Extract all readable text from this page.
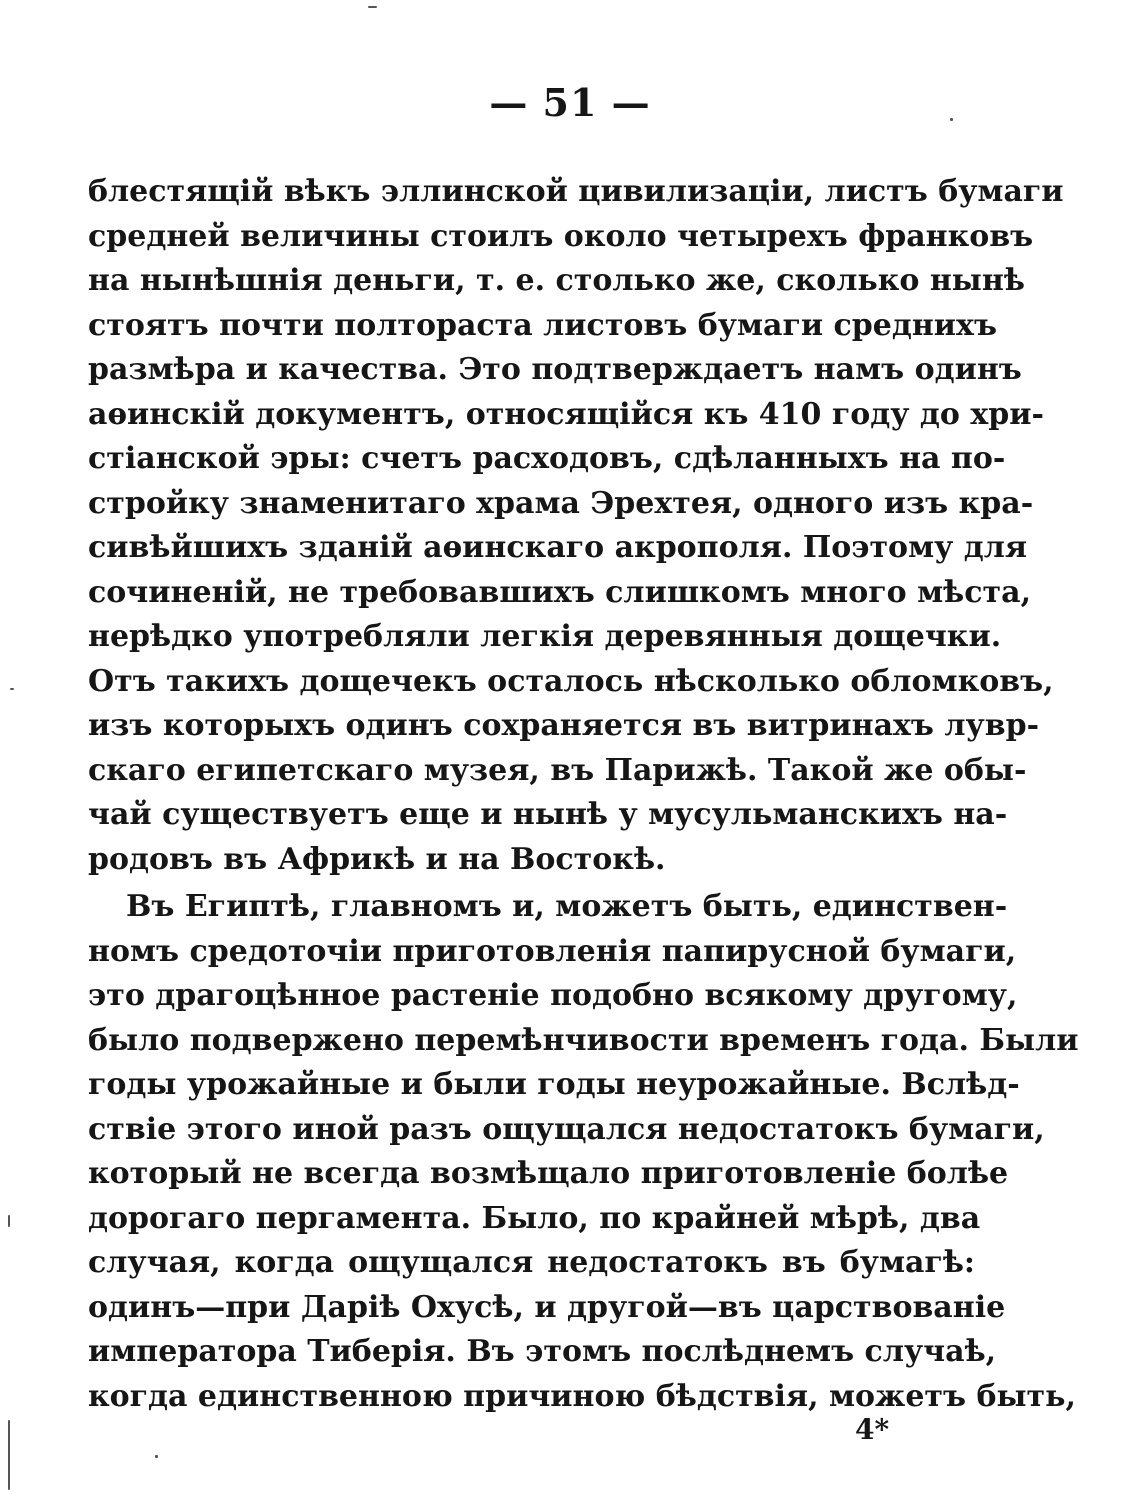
— 51 —
блестящій вѣкъ эллинской цивилизаціи, листъ бумаги
средней величины стоилъ около четырехъ франковъ
на нынѣшнія деньги, т. е. столько же, сколько нынѣ
стоятъ почти полтораста листовъ бумаги среднихъ
размѣра и качества. Это подтверждаетъ намъ одинъ
аѳинскій документъ, относящійся къ 410 году до хри-
стіанской эры: счетъ расходовъ, сдѣланныхъ на по-
стройку знаменитаго храма Эрехтея, одного изъ кра-
сивѣйшихъ зданій аѳинскаго акрополя. Поэтому для
сочиненій, не требовавшихъ слишкомъ много мѣста,
нерѣдко употребляли легкія деревянныя дощечки.
Отъ такихъ дощечекъ осталось нѣсколько обломковъ,
изъ которыхъ одинъ сохраняется въ витринахъ лувр-
скаго египетскаго музея, въ Парижѣ. Такой же обы-
чай существуетъ еще и нынѣ у мусульманскихъ на-
родовъ въ Африкѣ и на Востокѣ.
Въ Египтѣ, главномъ и, можетъ быть, единствен-
номъ средоточіи приготовленія папирусной бумаги,
это драгоцѣнное растеніе подобно всякому другому,
было подвержено перемѣнчивости временъ года. Были
годы урожайные и были годы неурожайные. Вслѣд-
ствіе этого иной разъ ощущался недостатокъ бумаги,
который не всегда возмѣщало приготовленіе болѣе
дорогаго пергамента. Было, по крайней мѣрѣ, два
случая, когда ощущался недостатокъ въ бумагѣ:
одинъ—при Даріѣ Охусѣ, и другой—въ царствованіе
императора Тиберія. Въ этомъ послѣднемъ случаѣ,
когда единственною причиною бѣдствія, можетъ быть,
4*
